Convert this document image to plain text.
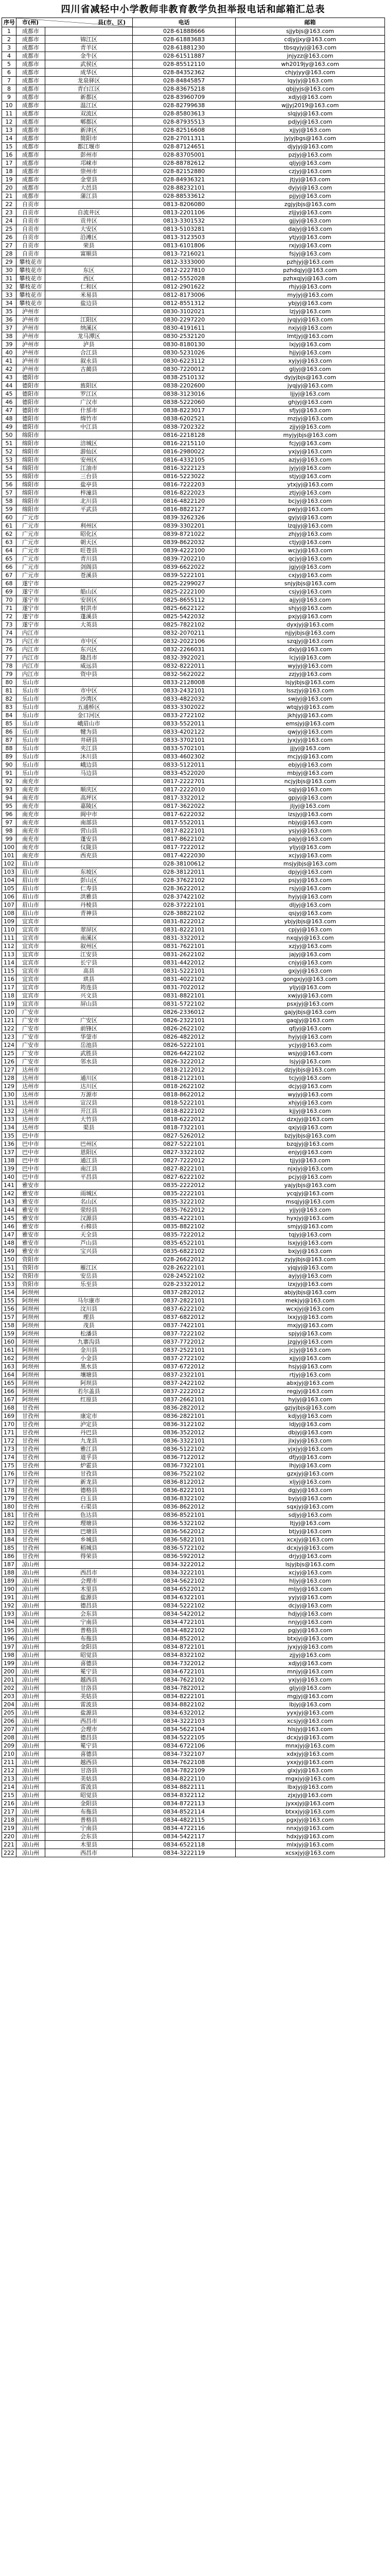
四川省减轻中小学教师非教育教学负担举报电话和邮箱汇总表
序号	市(州) 县(市、区)		电话	邮箱
1	成都市		028-61888666	sjjybjs@163.com
2	成都市	锦江区	028-61883683	cdjyjjxy@163.com
3	成都市	青羊区	028-61881230	tbsqyjyj@163.com
4	成都市	金牛区	028-61511887	jnjyzz@163.com
5	成都市	武侯区	028-85512110	wh2019jy@163.com
6	成都市	成华区	028-84352362	chjyjyy@163.com
7	成都市	龙泉驿区	028-84845857	lqyjyj@163.com
8	成都市	青白江区	028-83675218	qbjjyjs@163.com
9	成都市	新都区	028-83960709	xdjyj@163.com
10	成都市	温江区	028-82799638	wjjyj2019@163.com
11	成都市	双流区	028-85803613	slqjyj@163.com
12	成都市	郫都区	028-87935513	pdjyj@163.com
13	成都市	新津区	028-82516608	xjjyj@163.com
14	成都市	简阳市	028-27011311	jyjyjbgs@163.com
15	成都市	都江堰市	028-87124651	djyjyj@163.com
16	成都市	彭州市	028-83705001	pzjyj@163.com
17	成都市	邛崃市	028-88782612	qljyj@163.com
18	成都市	崇州市	028-82152880	czjyj@163.com
19	成都市	金堂县	028-84936321	jtjyj@163.com
20	成都市	大邑县	028-88232101	dyjyj@163.com
21	成都市	蒲江县	028-88533612	pjjyj@163.com
22	自贡市		0813-8206080	zgjyjbjs@163.com
23	自贡市	自流井区	0813-2201106	zljjyj@163.com
24	自贡市	贡井区	0813-3301532	gjjyj@163.com
25	自贡市	大安区	0813-5103281	dajyj@163.com
26	自贡市	沿滩区	0813-3123503	ytjyj@163.com
27	自贡市	荣县	0813-6101806	rxjyj@163.com
28	自贡市	富顺县	0813-7216021	fsjyj@163.com
29	攀枝花市		0812-3333000	pzhjyj@163.com
30	攀枝花市	东区	0812-2227810	pzhdqjyj@163.com
31	攀枝花市	西区	0812-5552028	pzhxqjyj@163.com
32	攀枝花市	仁和区	0812-2901622	rhjyj@163.com
33	攀枝花市	米易县	0812-8173006	myjyj@163.com
34	攀枝花市	盐边县	0812-8551312	ybjyj@163.com
35	泸州市		0830-3102021	lzjyj@163.com
36	泸州市	江阳区	0830-2297220	jyqjyj@163.com
37	泸州市	纳溪区	0830-4191611	nxjyj@163.com
38	泸州市	龙马潭区	0830-2532120	lmtjyj@163.com
39	泸州市	泸县	0830-8180130	lxjyj@163.com
40	泸州市	合江县	0830-5231026	hjjyj@163.com
41	泸州市	叙永县	0830-6223112	xyjyj@163.com
42	泸州市	古蔺县	0830-7220012	gljyj@163.com
43	德阳市		0838-2510132	dyjyjbjs@163.com
44	德阳市	旌阳区	0838-2202600	jyqjyj@163.com
45	德阳市	罗江区	0838-3123016	ljjyj@163.com
46	德阳市	广汉市	0838-5222060	ghjyj@163.com
47	德阳市	什邡市	0838-8223017	sfjyj@163.com
48	德阳市	绵竹市	0838-6202521	mzjyj@163.com
49	德阳市	中江县	0838-7202322	zjjyj@163.com
50	绵阳市		0816-2218128	myjyjbjs@163.com
51	绵阳市	涪城区	0816-2215110	fcjyj@163.com
52	绵阳市	游仙区	0816-2980022	yxjyj@163.com
53	绵阳市	安州区	0816-4332105	azjyj@163.com
54	绵阳市	江油市	0816-3222123	jyjyj@163.com
55	绵阳市	三台县	0816-5223022	stjyj@163.com
56	绵阳市	盐亭县	0816-7222203	ytxjyj@163.com
57	绵阳市	梓潼县	0816-8222023	ztjyj@163.com
58	绵阳市	北川县	0816-4822120	bcjyj@163.com
59	绵阳市	平武县	0816-8822127	pwjyj@163.com
60	广元市		0839-3262326	gyjyj@163.com
61	广元市	利州区	0839-3302201	lzqjyj@163.com
62	广元市	昭化区	0839-8721022	zhjyj@163.com
63	广元市	朝天区	0839-8622032	ctjyj@163.com
64	广元市	旺苍县	0839-4222100	wcjyj@163.com
65	广元市	青川县	0839-7202210	qcjyj@163.com
66	广元市	剑阁县	0839-6622022	jgjyj@163.com
67	广元市	苍溪县	0839-5222101	cxjyj@163.com
68	遂宁市		0825-2299027	snjyjbjs@163.com
69	遂宁市	船山区	0825-2222100	csjyj@163.com
70	遂宁市	安居区	0825-8655112	ajjyj@163.com
71	遂宁市	射洪市	0825-6622122	shjyj@163.com
72	遂宁市	蓬溪县	0825-5422032	pxjyj@163.com
73	遂宁市	大英县	0825-7822102	dyxjyj@163.com
74	内江市		0832-2070211	njjyjbjs@163.com
75	内江市	市中区	0832-2022106	szqjyj@163.com
76	内江市	东兴区	0832-2266031	dxjyj@163.com
77	内江市	隆昌市	0832-3922021	lcjyj@163.com
78	内江市	威远县	0832-8222011	wyjyj@163.com
79	内江市	资中县	0832-5622022	zzjyj@163.com
80	乐山市		0833-2128008	lsjyjbjs@163.com
81	乐山市	市中区	0833-2432101	lsszjyj@163.com
82	乐山市	沙湾区	0833-4822032	swjyj@163.com
83	乐山市	五通桥区	0833-3302022	wtqjyj@163.com
84	乐山市	金口河区	0833-2722102	jkhjyj@163.com
85	乐山市	峨眉山市	0833-5522011	emsjyj@163.com
86	乐山市	犍为县	0833-4202122	qwjyj@163.com
87	乐山市	井研县	0833-3702101	jyxjyj@163.com
88	乐山市	夹江县	0833-5702101	jjjyj@163.com
89	乐山市	沐川县	0833-4602302	mcjyj@163.com
90	乐山市	峨边县	0833-5122011	ebjyj@163.com
91	乐山市	马边县	0833-4522020	mbjyj@163.com
92	南充市		0817-2222701	ncjyjbjs@163.com
93	南充市	顺庆区	0817-2222010	sqjyj@163.com
94	南充市	高坪区	0817-3322012	gpjyj@163.com
95	南充市	嘉陵区	0817-3622022	jljyj@163.com
96	南充市	阆中市	0817-6222032	lzsjyj@163.com
97	南充市	南部县	0817-5522011	nbjyj@163.com
98	南充市	营山县	0817-8222101	ysjyj@163.com
99	南充市	蓬安县	0817-8622102	pajyj@163.com
100	南充市	仪陇县	0817-7222012	yljyj@163.com
101	南充市	西充县	0817-4222030	xcjyj@163.com
102	眉山市		028-38100612	msjyjbjs@163.com
103	眉山市	东坡区	028-38122011	dpjyj@163.com
104	眉山市	彭山区	028-37622102	psjyj@163.com
105	眉山市	仁寿县	028-36222012	rsjyj@163.com
106	眉山市	洪雅县	028-37422102	hyjyj@163.com
107	眉山市	丹棱县	028-37222101	dljyj@163.com
108	眉山市	青神县	028-38822102	qsjyj@163.com
109	宜宾市		0831-8222012	ybjyjbjs@163.com
110	宜宾市	翠屏区	0831-8222101	cpjyj@163.com
111	宜宾市	南溪区	0831-3322012	nxqjyj@163.com
112	宜宾市	叙州区	0831-7622101	xzjyj@163.com
113	宜宾市	江安县	0831-2622102	jajyj@163.com
114	宜宾市	长宁县	0831-4422012	cnjyj@163.com
115	宜宾市	高县	0831-5222101	gxjyj@163.com
116	宜宾市	珙县	0831-4022102	gongxjyj@163.com
117	宜宾市	筠连县	0831-7022012	yljyj@163.com
118	宜宾市	兴文县	0831-8822101	xwjyj@163.com
119	宜宾市	屏山县	0831-5722102	psxjyj@163.com
120	广安市		0826-2336012	gajyjbjs@163.com
121	广安市	广安区	0826-2322101	gaqjyj@163.com
122	广安市	前锋区	0826-2622102	qfjyj@163.com
123	广安市	华蓥市	0826-4822012	hyjyj@163.com
124	广安市	岳池县	0826-5222101	ycjyj@163.com
125	广安市	武胜县	0826-6422102	wsjyj@163.com
126	广安市	邻水县	0826-3222012	lsjyj@163.com
127	达州市		0818-2122012	dzjyjbjs@163.com
128	达州市	通川区	0818-2122101	tcjyj@163.com
129	达州市	达川区	0818-2622102	dcjyj@163.com
130	达州市	万源市	0818-8622012	wyjyj@163.com
131	达州市	宣汉县	0818-5222101	xhjyj@163.com
132	达州市	开江县	0818-8222102	kjjyj@163.com
133	达州市	大竹县	0818-6222012	dzxjyj@163.com
134	达州市	渠县	0818-7322101	qxjyj@163.com
135	巴中市		0827-5262012	bzjyjbjs@163.com
136	巴中市	巴州区	0827-5222101	bzqjyj@163.com
137	巴中市	恩阳区	0827-3322102	enjyj@163.com
138	巴中市	通江县	0827-7222012	tjjyj@163.com
139	巴中市	南江县	0827-8222101	njxjyj@163.com
140	巴中市	平昌县	0827-6222102	pcjyj@163.com
141	雅安市		0835-2222012	yajyjbjs@163.com
142	雅安市	雨城区	0835-2222101	ycqjyj@163.com
143	雅安市	名山区	0835-3222102	msqjyj@163.com
144	雅安市	荥经县	0835-7622012	yjjyj@163.com
145	雅安市	汉源县	0835-4222101	hyxjyj@163.com
146	雅安市	石棉县	0835-8822102	smjyj@163.com
147	雅安市	天全县	0835-7222012	tqjyj@163.com
148	雅安市	芦山县	0835-6522101	lsxjyj@163.com
149	雅安市	宝兴县	0835-6822102	bxjyj@163.com
150	资阳市		028-26622012	zyjyjbjs@163.com
151	资阳市	雁江区	028-26222101	yjqjyj@163.com
152	资阳市	安岳县	028-24522102	ayjyj@163.com
153	资阳市	乐至县	028-23322012	lzxjyj@163.com
154	阿坝州		0837-2822012	abjyjbjs@163.com
155	阿坝州	马尔康市	0837-2822101	mekjyj@163.com
156	阿坝州	汶川县	0837-6222102	wcxjyj@163.com
157	阿坝州	理县	0837-6822012	lxxjyj@163.com
158	阿坝州	茂县	0837-7422101	mxjyj@163.com
159	阿坝州	松潘县	0837-7222102	spjyj@163.com
160	阿坝州	九寨沟县	0837-7722012	jzgjyj@163.com
161	阿坝州	金川县	0837-2522101	jcjyj@163.com
162	阿坝州	小金县	0837-2722102	xjjyj@163.com
163	阿坝州	黑水县	0837-6722012	hsjyj@163.com
164	阿坝州	壤塘县	0837-2322101	rtjyj@163.com
165	阿坝州	阿坝县	0837-2422102	abxjyj@163.com
166	阿坝州	若尔盖县	0837-2222012	regjyj@163.com
167	阿坝州	红原县	0837-2662101	hyjyj@163.com
168	甘孜州		0836-2822012	gzjyjbjs@163.com
169	甘孜州	康定市	0836-2822101	kdjyj@163.com
170	甘孜州	泸定县	0836-3122102	ldjyj@163.com
171	甘孜州	丹巴县	0836-3522012	dbjyj@163.com
172	甘孜州	九龙县	0836-3322101	jlxjyj@163.com
173	甘孜州	雅江县	0836-5122102	yjxjyj@163.com
174	甘孜州	道孚县	0836-7122012	dfjyj@163.com
175	甘孜州	炉霍县	0836-7322101	lhjyj@163.com
176	甘孜州	甘孜县	0836-7522102	gzxjyj@163.com
177	甘孜州	新龙县	0836-8122012	xljyj@163.com
178	甘孜州	德格县	0836-8222101	dgjyj@163.com
179	甘孜州	白玉县	0836-8322102	byjyj@163.com
180	甘孜州	石渠县	0836-8622012	sqxjyj@163.com
181	甘孜州	色达县	0836-8522101	sdjyj@163.com
182	甘孜州	理塘县	0836-5322102	ltjyj@163.com
183	甘孜州	巴塘县	0836-5622012	btjyj@163.com
184	甘孜州	乡城县	0836-5822101	xcxjyj@163.com
185	甘孜州	稻城县	0836-5722102	dcxjyj@163.com
186	甘孜州	得荣县	0836-5922012	drjyj@163.com
187	凉山州		0834-3222012	lsjyjbjs@163.com
188	凉山州	西昌市	0834-3222101	xcjyj@163.com
189	凉山州	会理市	0834-5622102	hljyj@163.com
190	凉山州	木里县	0834-6522012	mljyj@163.com
191	凉山州	盐源县	0834-6322101	yyjyj@163.com
192	凉山州	德昌县	0834-5222102	dcjyj@163.com
193	凉山州	会东县	0834-5422012	hdjyj@163.com
194	凉山州	宁南县	0834-4722101	nnjyj@163.com
195	凉山州	普格县	0834-4822102	pgjyj@163.com
196	凉山州	布拖县	0834-8522012	btxjyj@163.com
197	凉山州	金阳县	0834-8722101	jyxjyj@163.com
198	凉山州	昭觉县	0834-8322102	zjjyj@163.com
199	凉山州	喜德县	0834-7322012	xdjyj@163.com
200	凉山州	冕宁县	0834-6722101	mnjyj@163.com
201	凉山州	越西县	0834-7622102	yxjyj@163.com
202	凉山州	甘洛县	0834-7822012	gljyj@163.com
203	凉山州	美姑县	0834-8222101	mgjyj@163.com
204	凉山州	雷波县	0834-8822102	lbjyj@163.com
205	凉山州	盐源县	0834-6322012	yyxjyj@163.com
206	凉山州	西昌市	0834-3222103	xcsjyj@163.com
207	凉山州	会理市	0834-5622104	hlsjyj@163.com
208	凉山州	德昌县	0834-5222105	dcxjyj@163.com
209	凉山州	冕宁县	0834-6722106	mnxjyj@163.com
210	凉山州	喜德县	0834-7322107	xdxjyj@163.com
211	凉山州	越西县	0834-7622108	yxxjyj@163.com
212	凉山州	甘洛县	0834-7822109	glxjyj@163.com
213	凉山州	美姑县	0834-8222110	mgxjyj@163.com
214	凉山州	雷波县	0834-8822111	lbxjyj@163.com
215	凉山州	昭觉县	0834-8322112	zjxjyj@163.com
216	凉山州	金阳县	0834-8722113	jyxxjyj@163.com
217	凉山州	布拖县	0834-8522114	btxxjyj@163.com
218	凉山州	普格县	0834-4822115	pgxjyj@163.com
219	凉山州	宁南县	0834-4722116	nnxjyj@163.com
220	凉山州	会东县	0834-5422117	hdxjyj@163.com
221	凉山州	木里县	0834-6522118	mlxjyj@163.com
222	凉山州	西昌市	0834-3222119	xcsxjyj@163.com
